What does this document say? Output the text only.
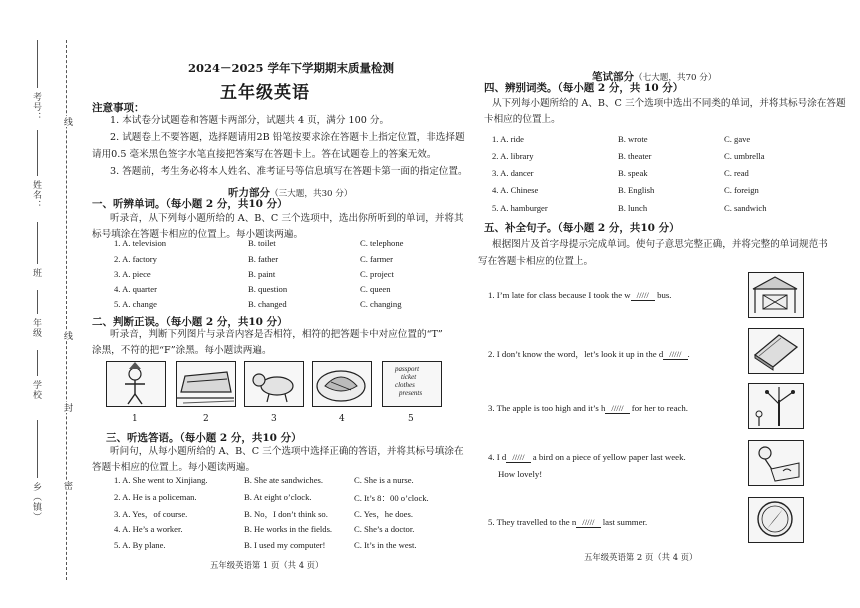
考号：
姓名：
班
年级
学校
乡（镇）
线
线
封
密
2024－2025 学年下学期期末质量检测
五年级英语
注意事项：
1. 本试卷分试题卷和答题卡两部分，试题共 4 页，满分 100 分。
2. 试题卷上不要答题，选择题请用2B 铅笔按要求涂在答题卡上指定位置，非选择题
请用0.5 毫米黑色签字水笔直接把答案写在答题卡上。答在试题卷上的答案无效。
3. 答题前，考生务必将本人姓名、准考证号等信息填写在答题卡第一面的指定位置。
听力部分（三大题，共30 分）
一、听辨单词。（每小题 2 分，共10 分）
听录音，从下列每小题所给的 A、B、C 三个选项中，选出你所听到的单词，并将其
标号填涂在答题卡相应的位置上。每小题读两遍。
1. A. television	B. toilet	C. telephone
2. A. factory	B. father	C. farmer
3. A. piece	B. paint	C. project
4. A. quarter	B. question	C. queen
5. A. change	B. changed	C. changing
二、判断正误。（每小题 2 分，共10 分）
听录音，判断下列图片与录音内容是否相符，相符的把答题卡中对应位置的“T”
涂黑，不符的把“F”涂黑。每小题读两遍。
passport
ticket
clothes
presents
1	2	3	4	5
三、听选答语。（每小题 2 分，共10 分）
听问句，从每小题所给的 A、B、C 三个选项中选择正确的答语，并将其标号填涂在
答题卡相应的位置上。每小题读两遍。
1. A. She went to Xinjiang.	B. She ate sandwiches.	C. She is a nurse.
2. A. He is a policeman.	B. At eight o’clock.	C. It’s 8：00 o’clock.
3. A. Yes，of course.	B. No，I don’t think so.	C. Yes，he does.
4. A. He’s a worker.	B. He works in the fields.	C. She’s a doctor.
5. A. By plane.	B. I used my computer!	C. It’s in the west.
五年级英语第 1 页（共 4 页）
笔试部分（七大题，共70 分）
四、辨别词类。（每小题 2 分，共 10 分）
从下列每小题所给的 A、B、C 三个选项中选出不同类的单词，并将其标号涂在答题
卡相应的位置上。
1. A. ride	B. wrote	C. gave
2. A. library	B. theater	C. umbrella
3. A. dancer	B. speak	C. read
4. A. Chinese	B. English	C. foreign
5. A. hamburger	B. lunch	C. sandwich
五、补全句子。（每小题 2 分，共10 分）
根据图片及首字母提示完成单词。使句子意思完整正确，并将完整的单词规范书
写在答题卡相应的位置上。
1. I’m late for class because I took the w ///// bus.
2. I don’t know the word，let’s look it up in the d ///// .
3. The apple is too high and it’s h ///// for her to reach.
4. I d ///// a bird on a piece of yellow paper last week.
How lovely!
5. They travelled to the n ///// last summer.
五年级英语第 2 页（共 4 页）
